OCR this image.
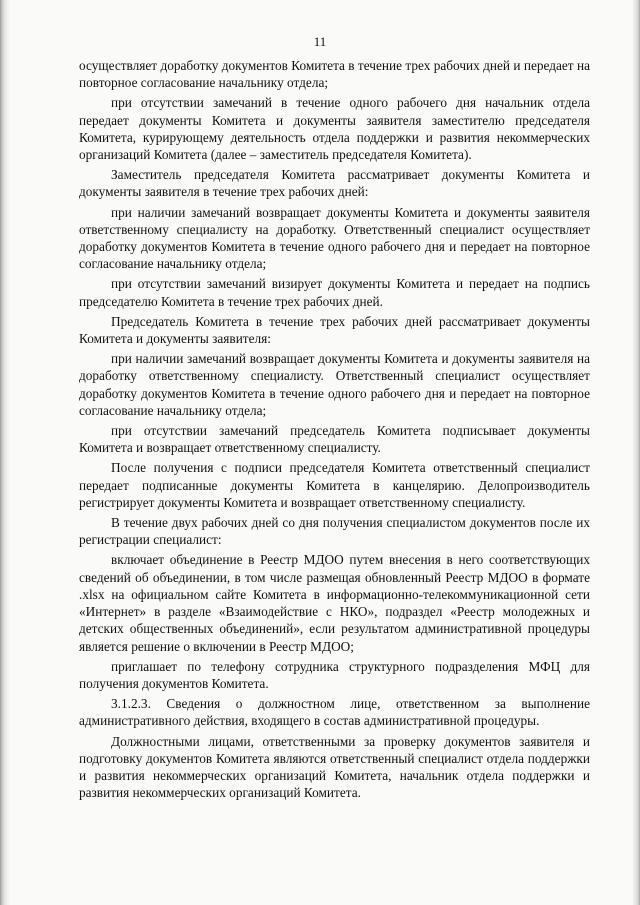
11

осуществляет доработку документов Комитета в течение трех рабочих дней и передает на повторное согласование начальнику отдела;

при отсутствии замечаний в течение одного рабочего дня начальник отдела передает документы Комитета и документы заявителя заместителю председателя Комитета, курирующему деятельность отдела поддержки и развития некоммерческих организаций Комитета (далее – заместитель председателя Комитета).

Заместитель председателя Комитета рассматривает документы Комитета и документы заявителя в течение трех рабочих дней:

при наличии замечаний возвращает документы Комитета и документы заявителя ответственному специалисту на доработку. Ответственный специалист осуществляет доработку документов Комитета в течение одного рабочего дня и передает на повторное согласование начальнику отдела;

при отсутствии замечаний визирует документы Комитета и передает на подпись председателю Комитета в течение трех рабочих дней.

Председатель Комитета в течение трех рабочих дней рассматривает документы Комитета и документы заявителя:

при наличии замечаний возвращает документы Комитета и документы заявителя на доработку ответственному специалисту. Ответственный специалист осуществляет доработку документов Комитета в течение одного рабочего дня и передает на повторное согласование начальнику отдела;

при отсутствии замечаний председатель Комитета подписывает документы Комитета и возвращает ответственному специалисту.

После получения с подписи председателя Комитета ответственный специалист передает подписанные документы Комитета в канцелярию. Делопроизводитель регистрирует документы Комитета и возвращает ответственному специалисту.

В течение двух рабочих дней со дня получения специалистом документов после их регистрации специалист:

включает объединение в Реестр МДОО путем внесения в него соответствующих сведений об объединении, в том числе размещая обновленный Реестр МДОО в формате .xlsx на официальном сайте Комитета в информационно-телекоммуникационной сети «Интернет» в разделе «Взаимодействие с НКО», подраздел «Реестр молодежных и детских общественных объединений», если результатом административной процедуры является решение о включении в Реестр МДОО;

приглашает по телефону сотрудника структурного подразделения МФЦ для получения документов Комитета.

3.1.2.3. Сведения о должностном лице, ответственном за выполнение административного действия, входящего в состав административной процедуры.

Должностными лицами, ответственными за проверку документов заявителя и подготовку документов Комитета являются ответственный специалист отдела поддержки и развития некоммерческих организаций Комитета, начальник отдела поддержки и развития некоммерческих организаций Комитета.
